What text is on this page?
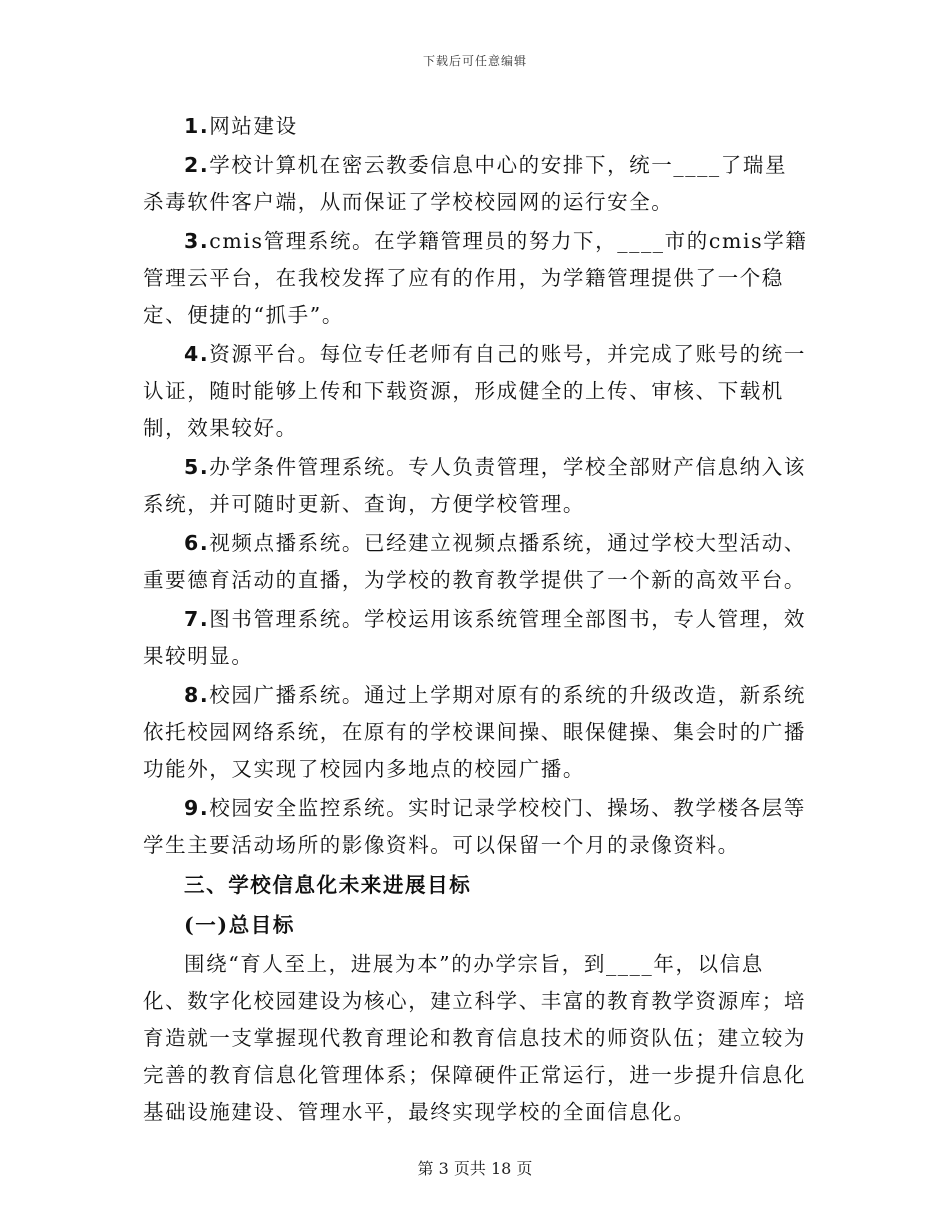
下载后可任意编辑

1.网站建设

2.学校计算机在密云教委信息中心的安排下，统一____了瑞星杀毒软件客户端，从而保证了学校校园网的运行安全。

3.cmis管理系统。在学籍管理员的努力下，____市的cmis学籍管理云平台，在我校发挥了应有的作用，为学籍管理提供了一个稳定、便捷的“抓手”。

4.资源平台。每位专任老师有自己的账号，并完成了账号的统一认证，随时能够上传和下载资源，形成健全的上传、审核、下载机制，效果较好。

5.办学条件管理系统。专人负责管理，学校全部财产信息纳入该系统，并可随时更新、查询，方便学校管理。

6.视频点播系统。已经建立视频点播系统，通过学校大型活动、重要德育活动的直播，为学校的教育教学提供了一个新的高效平台。

7.图书管理系统。学校运用该系统管理全部图书，专人管理，效果较明显。

8.校园广播系统。通过上学期对原有的系统的升级改造，新系统依托校园网络系统，在原有的学校课间操、眼保健操、集会时的广播功能外，又实现了校园内多地点的校园广播。

9.校园安全监控系统。实时记录学校校门、操场、教学楼各层等学生主要活动场所的影像资料。可以保留一个月的录像资料。

三、学校信息化未来进展目标

(一)总目标

围绕“育人至上，进展为本”的办学宗旨，到____年，以信息化、数字化校园建设为核心，建立科学、丰富的教育教学资源库；培育造就一支掌握现代教育理论和教育信息技术的师资队伍；建立较为完善的教育信息化管理体系；保障硬件正常运行，进一步提升信息化基础设施建设、管理水平，最终实现学校的全面信息化。

第 3 页共 18 页
